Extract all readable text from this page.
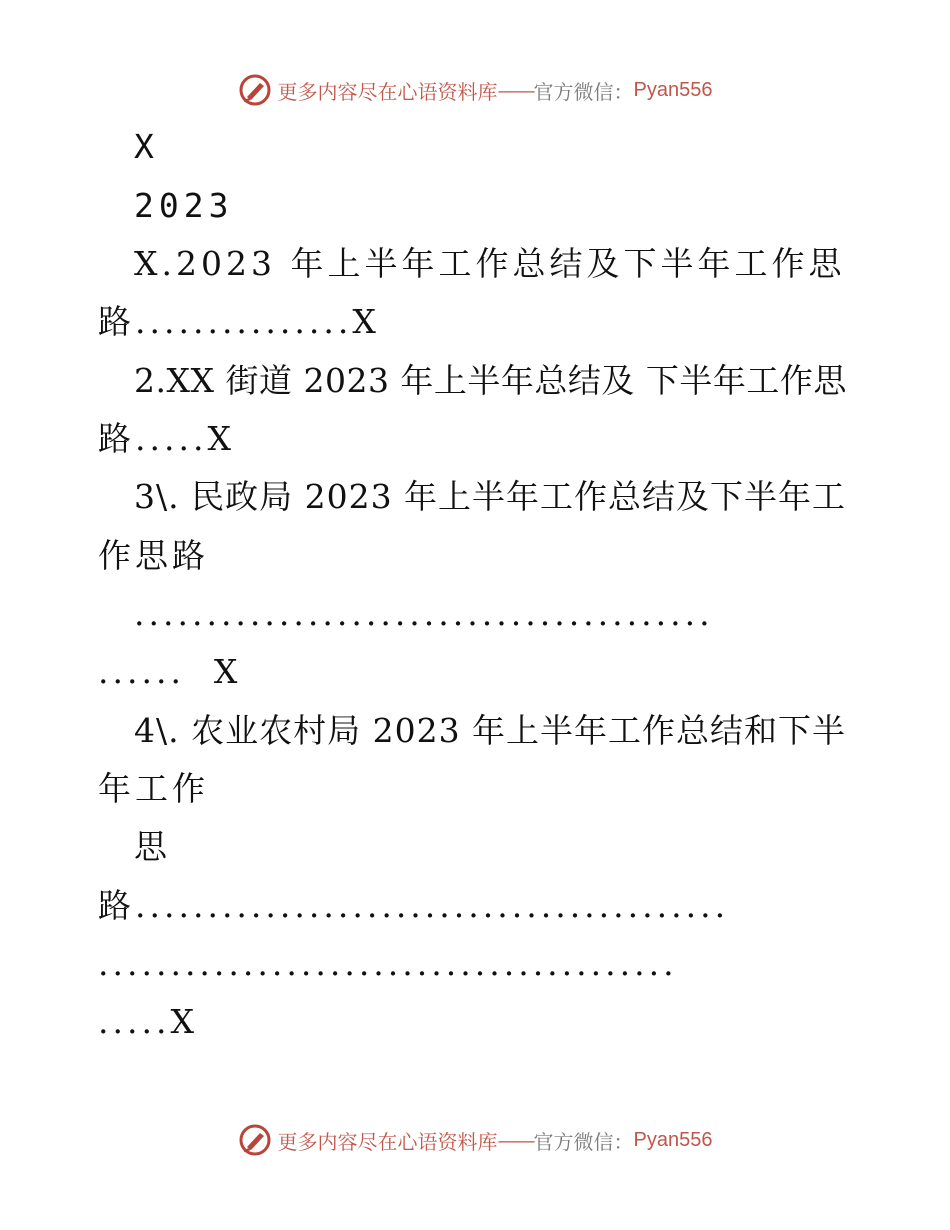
更多内容尽在心语资料库 —— 官方微信： Pyan556
X
2023
X.2023 年上半年工作总结及下半年工作思
路...............X
2.XX 街道 2023 年上半年总结及 下半年工作思
路.....X
3\. 民政局 2023 年上半年工作总结及下半年工
作思路
........................................
......  X
4\. 农业农村局 2023 年上半年工作总结和下半
年工作
思
路.........................................
........................................
.....X
更多内容尽在心语资料库 —— 官方微信： Pyan556
